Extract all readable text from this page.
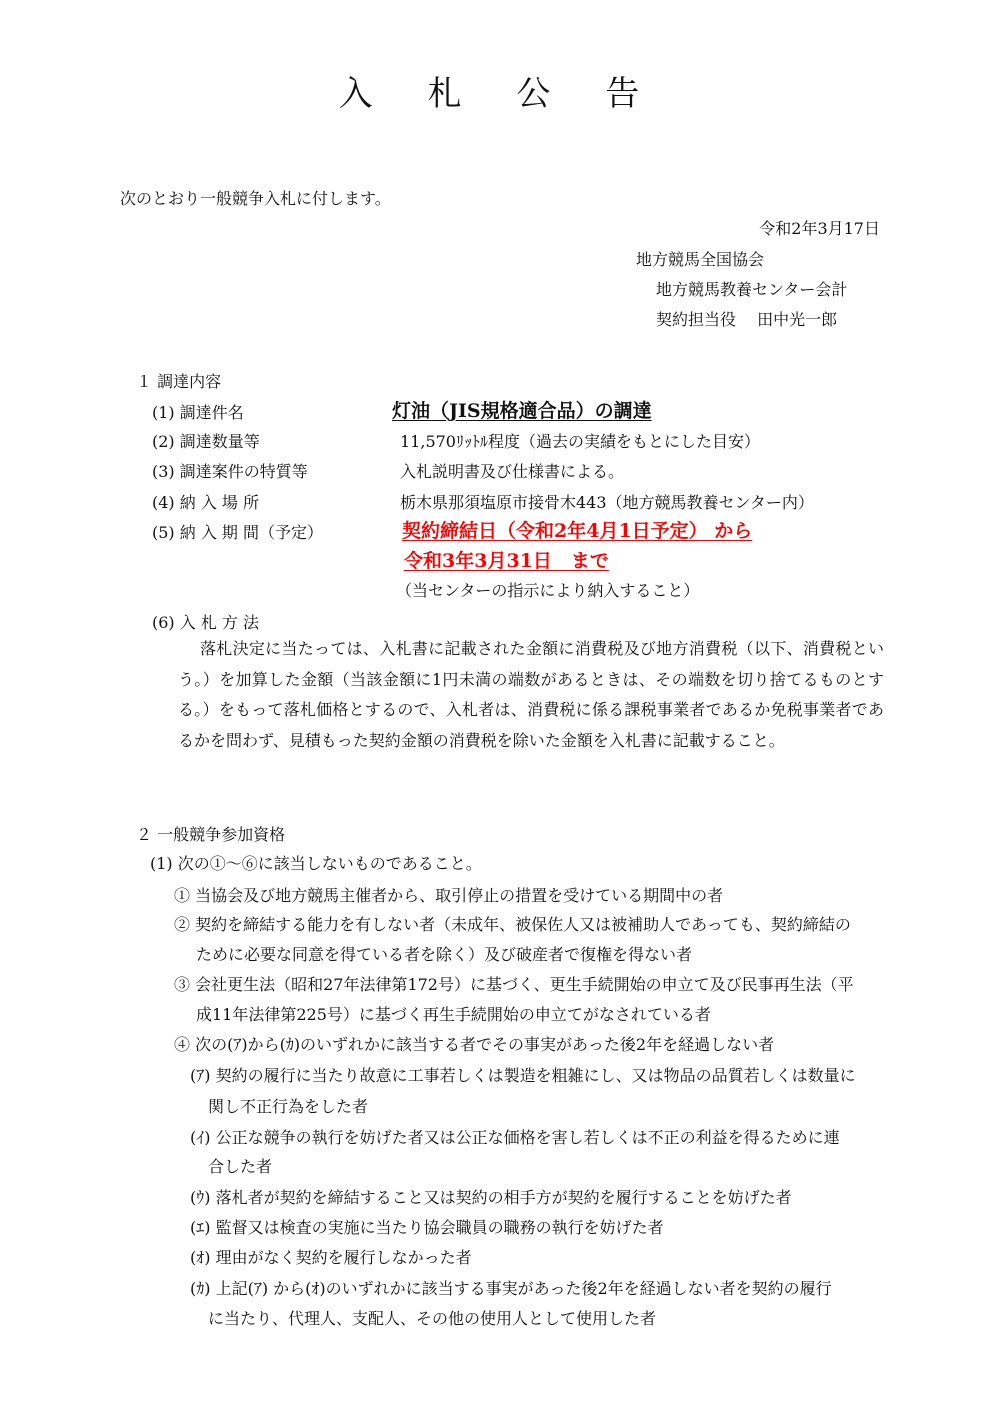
入 札 公 告
次のとおり一般競争入札に付します。
令和2年3月17日
地方競馬全国協会
地方競馬教養センター会計
契約担当役　 田中光一郎
１ 調達内容
(1) 調達件名	灯油（JIS規格適合品）の調達
(2) 調達数量等	11,570ﾘｯﾄﾙ程度（過去の実績をもとにした目安）
(3) 調達案件の特質等	入札説明書及び仕様書による。
(4) 納 入 場 所	栃木県那須塩原市接骨木443（地方競馬教養センター内）
(5) 納 入 期 間（予定）	契約締結日（令和2年4月1日予定） から
令和3年3月31日　まで
（当センターの指示により納入すること）
(6) 入 札 方 法
落札決定に当たっては、入札書に記載された金額に消費税及び地方消費税（以下、消費税という。）を加算した金額（当該金額に1円未満の端数があるときは、その端数を切り捨てるものとする。）をもって落札価格とするので、入札者は、消費税に係る課税事業者であるか免税事業者であるかを問わず、見積もった契約金額の消費税を除いた金額を入札書に記載すること。
２ 一般競争参加資格
(1) 次の①～⑥に該当しないものであること。
① 当協会及び地方競馬主催者から、取引停止の措置を受けている期間中の者
② 契約を締結する能力を有しない者（未成年、被保佐人又は被補助人であっても、契約締結の
ために必要な同意を得ている者を除く）及び破産者で復権を得ない者
③ 会社更生法（昭和27年法律第172号）に基づく、更生手続開始の申立て及び民事再生法（平
成11年法律第225号）に基づく再生手続開始の申立てがなされている者
④ 次の(ｱ)から(ｶ)のいずれかに該当する者でその事実があった後2年を経過しない者
(ｱ) 契約の履行に当たり故意に工事若しくは製造を粗雑にし、又は物品の品質若しくは数量に
関し不正行為をした者
(ｲ) 公正な競争の執行を妨げた者又は公正な価格を害し若しくは不正の利益を得るために連
合した者
(ｳ) 落札者が契約を締結すること又は契約の相手方が契約を履行することを妨げた者
(ｴ) 監督又は検査の実施に当たり協会職員の職務の執行を妨げた者
(ｵ) 理由がなく契約を履行しなかった者
(ｶ) 上記(ｱ) から(ｵ)のいずれかに該当する事実があった後2年を経過しない者を契約の履行
に当たり、代理人、支配人、その他の使用人として使用した者
